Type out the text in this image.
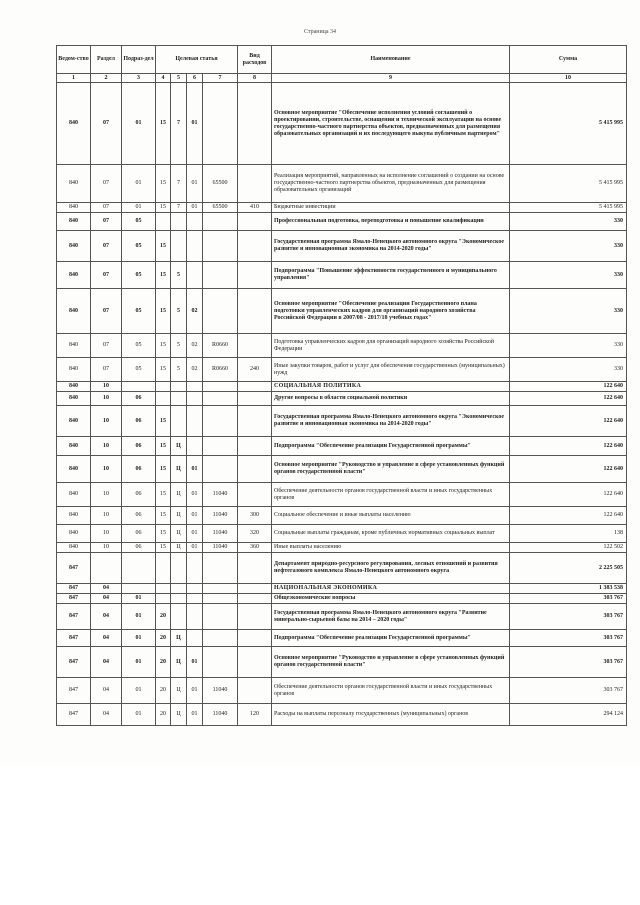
Страница 34
Ведом-ство	Раздел	Подраз-дел	Целевая статья				Вид расходов	Наименование	Сумма
1	2	3	4	5	6	7	8	9	10
840	07	01	15	7	01			Основное мероприятие "Обеспечение исполнения условий соглашений о проектировании, строительстве, оснащении и технической эксплуатации на основе государственно-частного партнерства объектов, предназначенных для размещения образовательных организаций и их последующего выкупа публичным партнером"	5 415 995
840	07	01	15	7	01	65500		Реализация мероприятий, направленных на исполнение соглашений о создании на основе государственно-частного партнерства объектов, предназначенных для размещения образовательных организаций	5 415 995
840	07	01	15	7	01	65500	410	Бюджетные инвестиции	5 415 995
840	07	05						Профессиональная подготовка, переподготовка и повышение квалификации	330
840	07	05	15					Государственная программа Ямало-Ненецкого автономного округа "Экономическое развитие и инновационная экономика на 2014-2020 годы"	330
840	07	05	15	5				Подпрограмма "Повышение эффективности государственного и муниципального управления"	330
840	07	05	15	5	02			Основное мероприятие "Обеспечение реализации Государственного плана подготовки управленческих кадров для организаций народного хозяйства Российской Федерации в 2007/08 - 2017/18 учебных годах"	330
840	07	05	15	5	02	R0660		Подготовка управленческих кадров для организаций народного хозяйства Российской Федерации	330
840	07	05	15	5	02	R0660	240	Иные закупки товаров, работ и услуг для обеспечения государственных (муниципальных) нужд	330
840	10							СОЦИАЛЬНАЯ ПОЛИТИКА	122 640
840	10	06						Другие вопросы в области социальной политики	122 640
840	10	06	15					Государственная программа Ямало-Ненецкого автономного округа "Экономическое развитие и инновационная экономика на 2014-2020 годы"	122 640
840	10	06	15	Ц				Подпрограмма "Обеспечение реализации Государственной программы"	122 640
840	10	06	15	Ц	01			Основное мероприятие "Руководство и управление в сфере установленных функций органов государственной власти"	122 640
840	10	06	15	Ц	01	11040		Обеспечение деятельности органов государственной власти и иных государственных органов	122 640
840	10	06	15	Ц	01	11040	300	Социальное обеспечение и иные выплаты населению	122 640
840	10	06	15	Ц	01	11040	320	Социальные выплаты гражданам, кроме публичных нормативных социальных выплат	138
840	10	06	15	Ц	01	11040	360	Иные выплаты населению	122 502
847								Департамент природно-ресурсного регулирования, лесных отношений и развития нефтегазового комплекса Ямало-Ненецкого автономного округа	2 225 505
847	04							НАЦИОНАЛЬНАЯ ЭКОНОМИКА	1 383 538
847	04	01						Общеэкономические вопросы	303 767
847	04	01	20					Государственная программа Ямало-Ненецкого автономного округа "Развитие минерально-сырьевой базы на 2014 – 2020 годы"	303 767
847	04	01	20	Ц				Подпрограмма "Обеспечение реализации Государственной программы"	303 767
847	04	01	20	Ц	01			Основное мероприятие "Руководство и управление в сфере установленных функций органов государственной власти"	303 767
847	04	01	20	Ц	01	11040		Обеспечение деятельности органов государственной власти и иных государственных органов	303 767
847	04	01	20	Ц	01	11040	120	Расходы на выплаты персоналу государственных (муниципальных) органов	294 124
